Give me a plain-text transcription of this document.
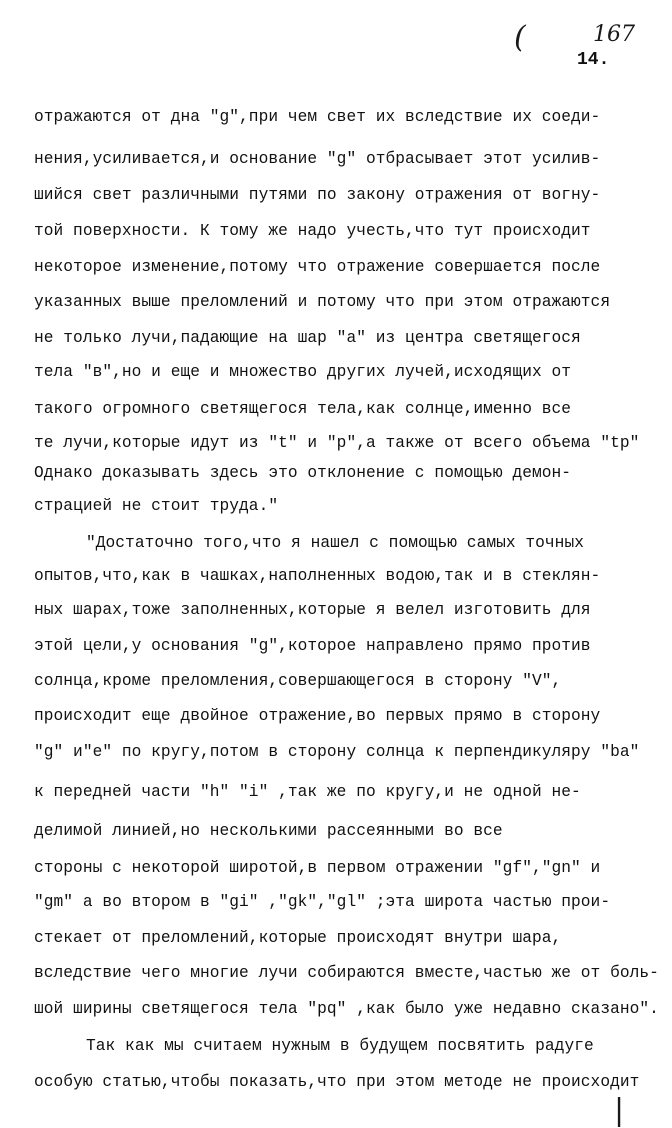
(	167
14.
отражаются от дна "g",при чем свет их вследствие их соеди-
нения,усиливается,и основание "g" отбрасывает этот усилив-
шийся свет различными путями по закону отражения от вогну-
той поверхности. К тому же надо учесть,что тут происходит
некоторое изменение,потому что отражение совершается после
указанных выше преломлений и потому что при этом отражаются
не только лучи,падающие на шар "а" из центра светящегося
тела "в",но и еще и множество других лучей,исходящих от
такого огромного светящегося тела,как солнце,именно все
те лучи,которые идут из "t" и "р",а также от всего объема "tp"
Однако доказывать здесь это отклонение с помощью демон-
страцией не стоит труда."
"Достаточно того,что я нашел с помощью самых точных
опытов,что,как в чашках,наполненных водою,так и в стеклян-
ных шарах,тоже заполненных,которые я велел изготовить для
этой цели,у основания "g",которое направлено прямо против
солнца,кроме преломления,совершающегося в сторону "V",
происходит еще двойное отражение,во первых прямо в сторону
"g" и"е" по кругу,потом в сторону солнца к перпендикуляру "ba"
к передней части "h" "i" ,так же по кругу,и не одной не-
делимой линией,но несколькими рассеянными во все
стороны с некоторой широтой,в первом отражении "gf","gn" и
"gm" а во втором в "gi" ,"gk","gl" ;эта широта частью прои-
стекает от преломлений,которые происходят внутри шара,
вследствие чего многие лучи собираются вместе,частью же от боль-
шой ширины светящегося тела "pq" ,как было уже недавно сказано".
Так как мы считаем нужным в будущем посвятить радуге
особую статью,чтобы показать,что при этом методе не происходит
|
